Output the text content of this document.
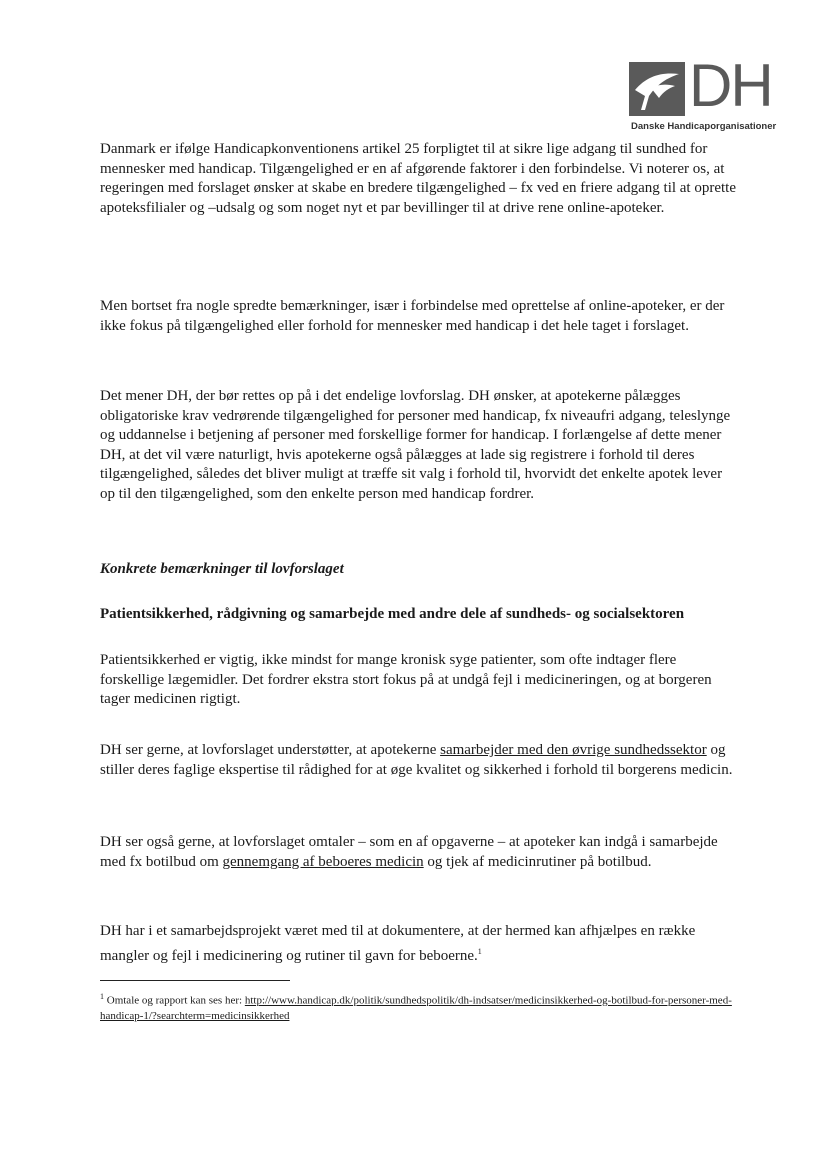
DH
Danske Handicaporganisationer

Danmark er ifølge Handicapkonventionens artikel 25 forpligtet til at sikre lige adgang til sundhed for mennesker med handicap. Tilgængelighed er en af afgørende faktorer i den forbindelse. Vi noterer os, at regeringen med forslaget ønsker at skabe en bredere tilgængelighed – fx ved en friere adgang til at oprette apoteksfilialer og –udsalg og som noget nyt et par bevillinger til at drive rene online-apoteker.

Men bortset fra nogle spredte bemærkninger, især i forbindelse med oprettelse af online-apoteker, er der ikke fokus på tilgængelighed eller forhold for mennesker med handicap i det hele taget i forslaget.

Det mener DH, der bør rettes op på i det endelige lovforslag. DH ønsker, at apotekerne pålægges obligatoriske krav vedrørende tilgængelighed for personer med handicap, fx niveaufri adgang, teleslynge og uddannelse i betjening af personer med forskellige former for handicap. I forlængelse af dette mener DH, at det vil være naturligt, hvis apotekerne også pålægges at lade sig registrere i forhold til deres tilgængelighed, således det bliver muligt at træffe sit valg i forhold til, hvorvidt det enkelte apotek lever op til den tilgængelighed, som den enkelte person med handicap fordrer.

Konkrete bemærkninger til lovforslaget

Patientsikkerhed, rådgivning og samarbejde med andre dele af sundheds- og socialsektoren

Patientsikkerhed er vigtig, ikke mindst for mange kronisk syge patienter, som ofte indtager flere forskellige lægemidler. Det fordrer ekstra stort fokus på at undgå fejl i medicineringen, og at borgeren tager medicinen rigtigt.

DH ser gerne, at lovforslaget understøtter, at apotekerne samarbejder med den øvrige sundhedssektor og stiller deres faglige ekspertise til rådighed for at øge kvalitet og sikkerhed i forhold til borgerens medicin.

DH ser også gerne, at lovforslaget omtaler – som en af opgaverne – at apoteker kan indgå i samarbejde med fx botilbud om gennemgang af beboeres medicin og tjek af medicinrutiner på botilbud.

DH har i et samarbejdsprojekt været med til at dokumentere, at der hermed kan afhjælpes en række mangler og fejl i medicinering og rutiner til gavn for beboerne.$^1$

$^1$ Omtale og rapport kan ses her: http://www.handicap.dk/politik/sundhedspolitik/dh-indsatser/medicinsikkerhed-og-botilbud-for-personer-med-handicap-1/?searchterm=medicinsikkerhed
